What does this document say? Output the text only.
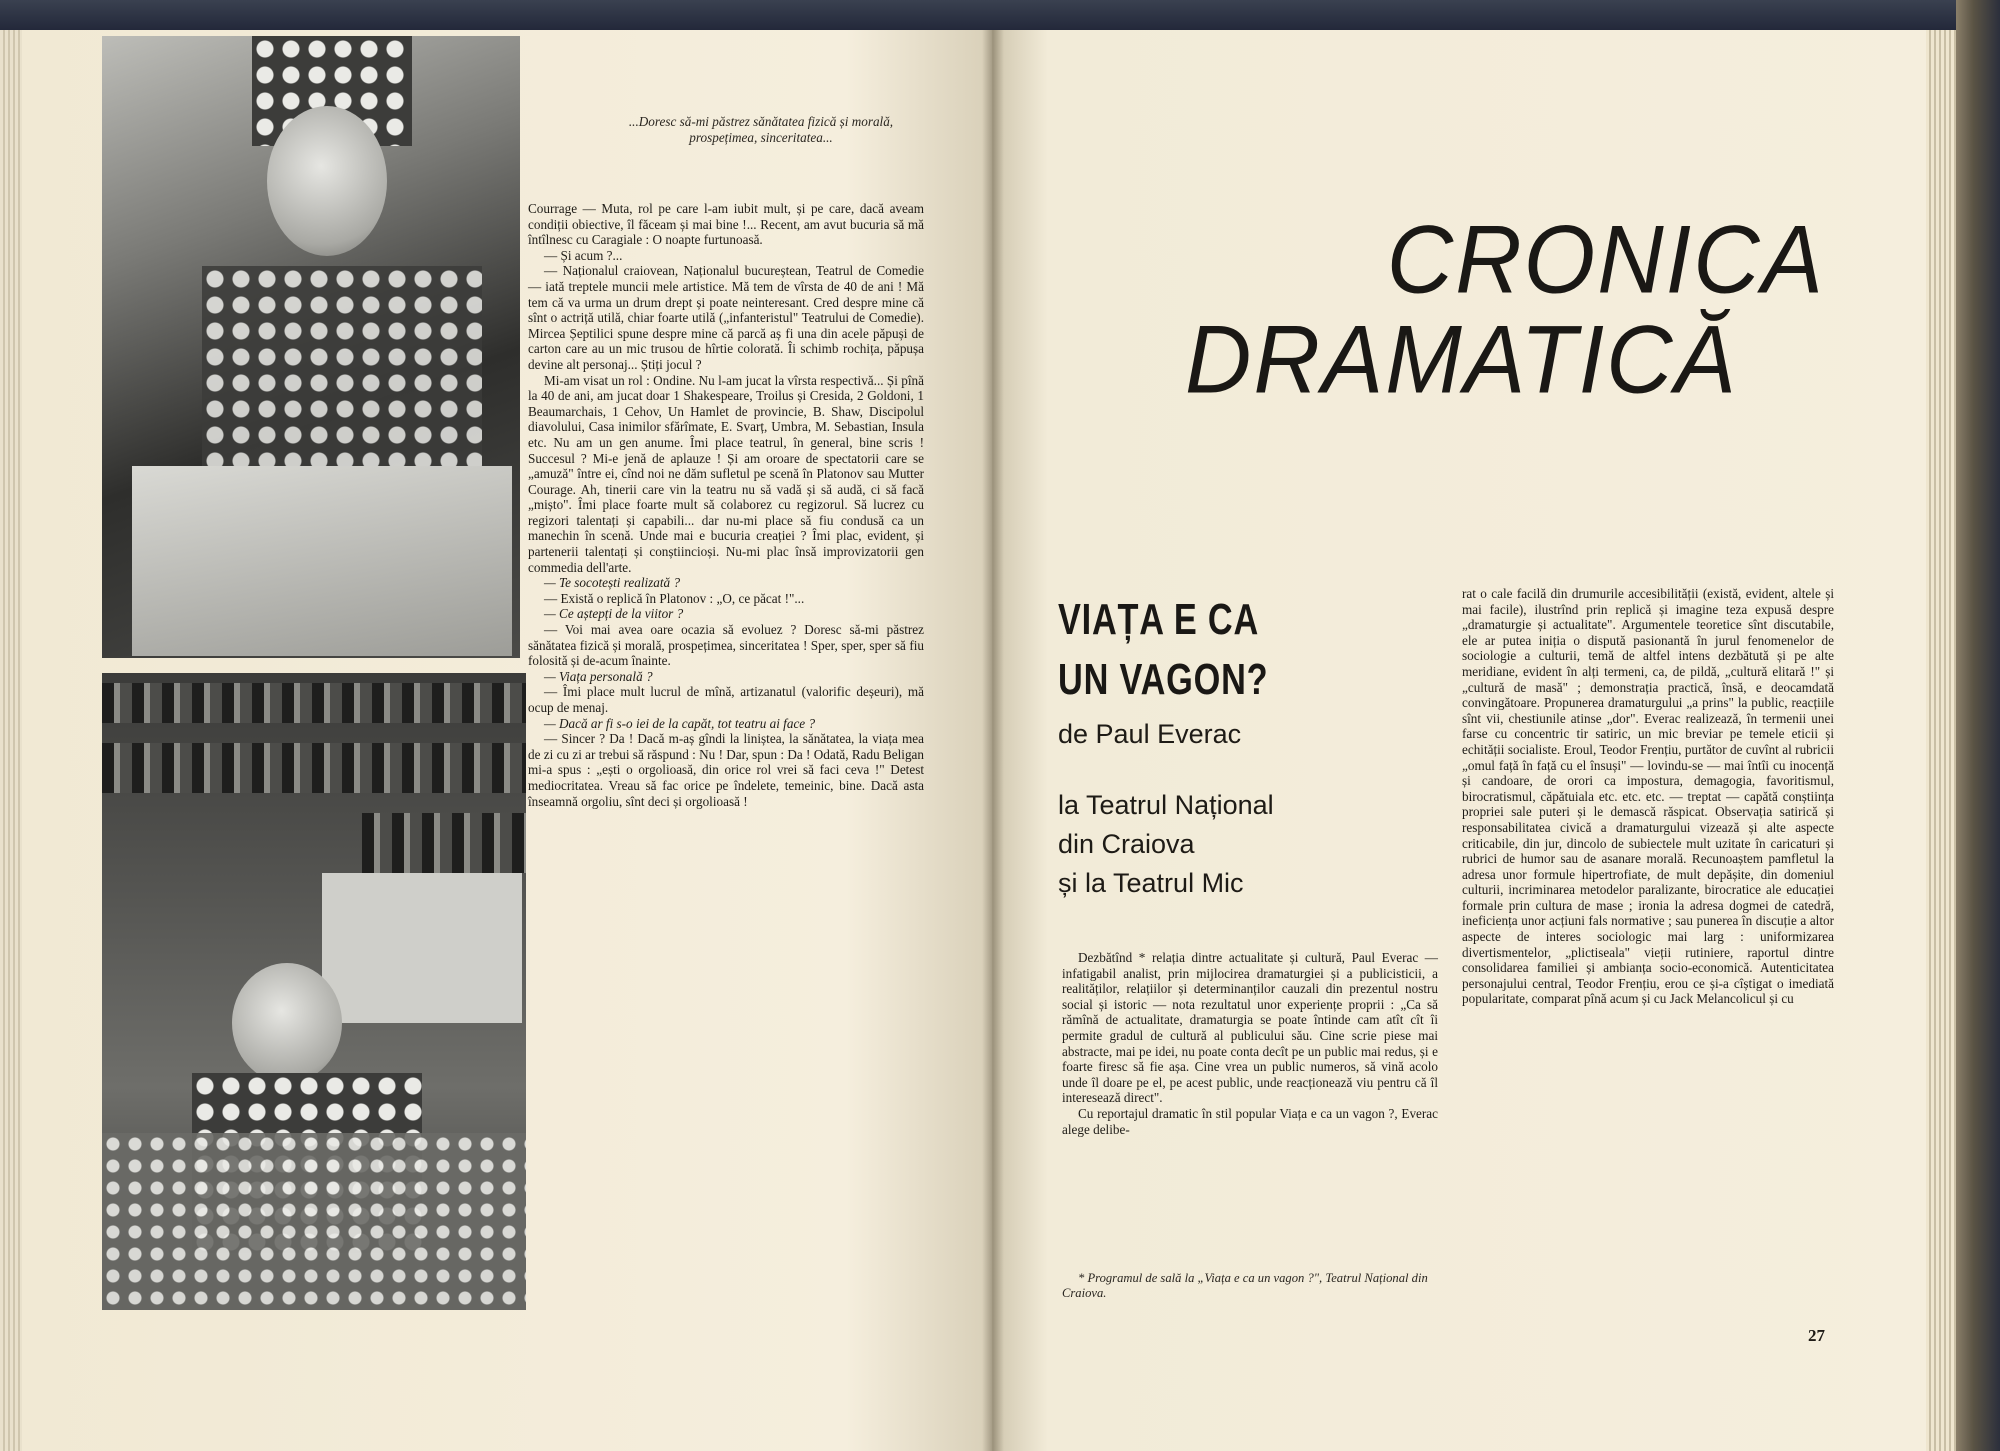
...Doresc să-mi păstrez sănătatea fizică și morală, prospețimea, sinceritatea...

Courrage — Muta, rol pe care l-am iubit mult, și pe care, dacă aveam condiții obiective, îl făceam și mai bine !... Recent, am avut bucuria să mă întîlnesc cu Caragiale : O noapte furtunoasă.

— Și acum ?...

— Naționalul craiovean, Naționalul bucureștean, Teatrul de Comedie — iată treptele muncii mele artistice. Mă tem de vîrsta de 40 de ani ! Mă tem că va urma un drum drept și poate neinteresant. Cred despre mine că sînt o actriță utilă, chiar foarte utilă („infanteristul" Teatrului de Comedie). Mircea Șeptilici spune despre mine că parcă aș fi una din acele păpuși de carton care au un mic trusou de hîrtie colorată. Îi schimb rochița, păpușa devine alt personaj... Știți jocul ?

Mi-am visat un rol : Ondine. Nu l-am jucat la vîrsta respectivă... Și pînă la 40 de ani, am jucat doar 1 Shakespeare, Troilus și Cresida, 2 Goldoni, 1 Beaumarchais, 1 Cehov, Un Hamlet de provincie, B. Shaw, Discipolul diavolului, Casa inimilor sfărîmate, E. Svarț, Umbra, M. Sebastian, Insula etc. Nu am un gen anume. Îmi place teatrul, în general, bine scris ! Succesul ? Mi-e jenă de aplauze ! Și am oroare de spectatorii care se „amuză" între ei, cînd noi ne dăm sufletul pe scenă în Platonov sau Mutter Courage. Ah, tinerii care vin la teatru nu să vadă și să audă, ci să facă „mișto". Îmi place foarte mult să colaborez cu regizorul. Să lucrez cu regizori talentați și capabili... dar nu-mi place să fiu condusă ca un manechin în scenă. Unde mai e bucuria creației ? Îmi plac, evident, și partenerii talentați și conștiincioși. Nu-mi plac însă improvizatorii gen commedia dell'arte.

— Te socotești realizată ?

— Există o replică în Platonov : „O, ce păcat !"...

— Ce aștepți de la viitor ?

— Voi mai avea oare ocazia să evoluez ? Doresc să-mi păstrez sănătatea fizică și morală, prospețimea, sinceritatea ! Sper, sper, sper să fiu folosită și de-acum înainte.

— Viața personală ?

— Îmi place mult lucrul de mînă, artizanatul (valorific deșeuri), mă ocup de menaj.

— Dacă ar fi s-o iei de la capăt, tot teatru ai face ?

— Sincer ? Da ! Dacă m-aș gîndi la liniștea, la sănătatea, la viața mea de zi cu zi ar trebui să răspund : Nu ! Dar, spun : Da ! Odată, Radu Beligan mi-a spus : „ești o orgolioasă, din orice rol vrei să faci ceva !" Detest mediocritatea. Vreau să fac orice pe îndelete, temeinic, bine. Dacă asta înseamnă orgoliu, sînt deci și orgolioasă !

CRONICA
DRAMATICĂ
VIAȚA E CA
UN VAGON?
de Paul Everac
la Teatrul Național
din Craiova
și la Teatrul Mic

Dezbătînd * relația dintre actualitate și cultură, Paul Everac — infatigabil analist, prin mijlocirea dramaturgiei și a publicisticii, a realităților, relațiilor și determinanților cauzali din prezentul nostru social și istoric — nota rezultatul unor experiențe proprii : „Ca să rămînă de actualitate, dramaturgia se poate întinde cam atît cît îi permite gradul de cultură al publicului său. Cine scrie piese mai abstracte, mai pe idei, nu poate conta decît pe un public mai redus, și e foarte firesc să fie așa. Cine vrea un public numeros, să vină acolo unde îl doare pe el, pe acest public, unde reacționează viu pentru că îl interesează direct".

Cu reportajul dramatic în stil popular Viața e ca un vagon ?, Everac alege delibe-

* Programul de sală la „Viața e ca un vagon ?", Teatrul Național din Craiova.

rat o cale facilă din drumurile accesibilității (există, evident, altele și mai facile), ilustrînd prin replică și imagine teza expusă despre „dramaturgie și actualitate". Argumentele teoretice sînt discutabile, ele ar putea iniția o dispută pasionantă în jurul fenomenelor de sociologie a culturii, temă de altfel intens dezbătută și pe alte meridiane, evident în alți termeni, ca, de pildă, „cultură elitară !" și „cultură de masă" ; demonstrația practică, însă, e deocamdată convingătoare. Propunerea dramaturgului „a prins" la public, reacțiile sînt vii, chestiunile atinse „dor". Everac realizează, în termenii unei farse cu concentric tir satiric, un mic breviar pe temele eticii și echității socialiste. Eroul, Teodor Frențiu, purtător de cuvînt al rubricii „omul față în față cu el însuși" — lovindu-se — mai întîi cu inocență și candoare, de orori ca impostura, demagogia, favoritismul, birocratismul, căpătuiala etc. etc. etc. — treptat — capătă conștiința propriei sale puteri și le demască răspicat. Observația satirică și responsabilitatea civică a dramaturgului vizează și alte aspecte criticabile, din jur, dincolo de subiectele mult uzitate în caricaturi și rubrici de humor sau de asanare morală. Recunoaștem pamfletul la adresa unor formule hipertrofiate, de mult depășite, din domeniul culturii, incriminarea metodelor paralizante, birocratice ale educației formale prin cultura de mase ; ironia la adresa dogmei de catedră, ineficiența unor acțiuni fals normative ; sau punerea în discuție a altor aspecte de interes sociologic mai larg : uniformizarea divertismentelor, „plictiseala" vieții rutiniere, raportul dintre consolidarea familiei și ambianța socio-economică. Autenticitatea personajului central, Teodor Frențiu, erou ce și-a cîștigat o imediată popularitate, comparat pînă acum și cu Jack Melancolicul și cu

27
